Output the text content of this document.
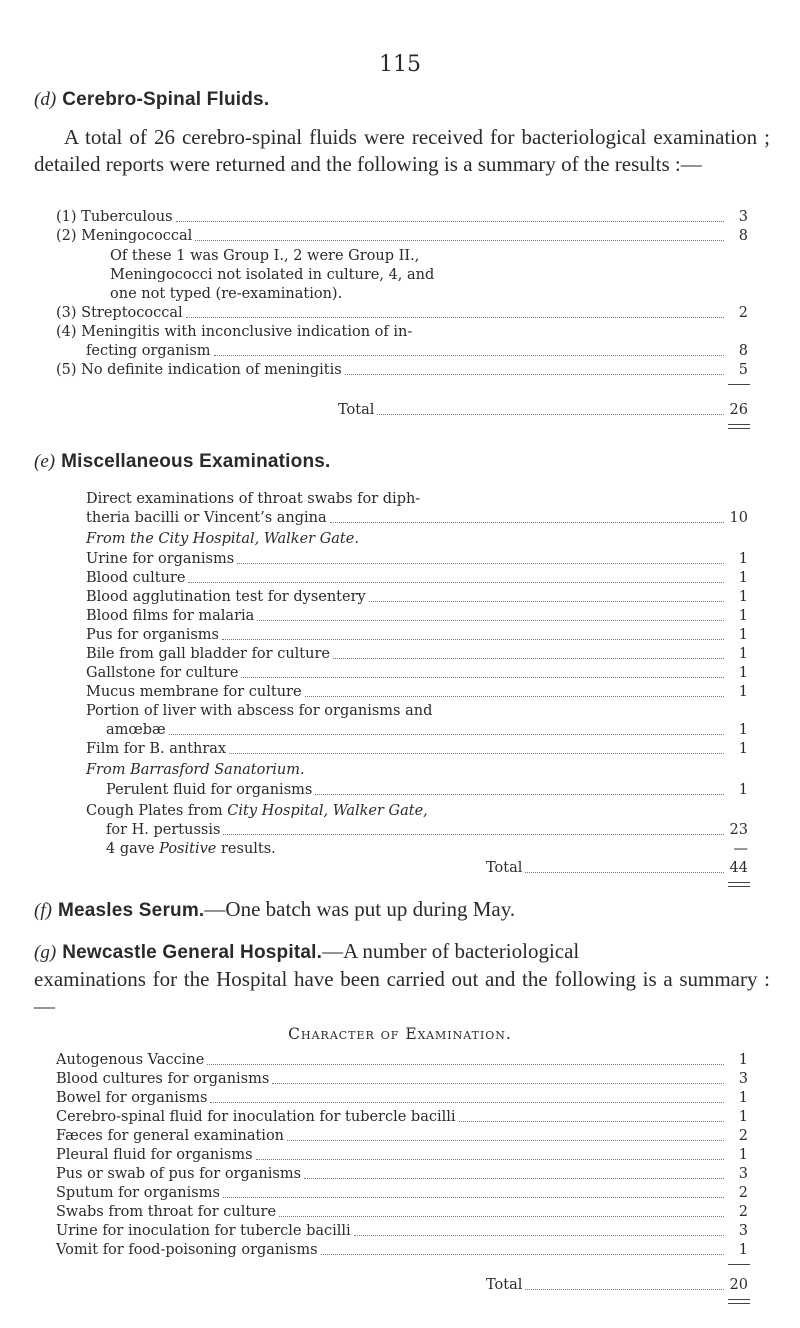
115
(d) Cerebro-Spinal Fluids.
A total of 26 cerebro-spinal fluids were received for bacteriological examination ; detailed reports were returned and the following is a summary of the results :—
(1) Tuberculous	3
(2) Meningococcal	8
Of these 1 was Group I., 2 were Group II.,
Meningococci not isolated in culture, 4, and
one not typed (re-examination).
(3) Streptococcal	2
(4) Meningitis with inconclusive indication of in-
fecting organism	8
(5) No definite indication of meningitis	5
Total	26
(e) Miscellaneous Examinations.
Direct examinations of throat swabs for diph-
theria bacilli or Vincent’s angina	10
From the City Hospital, Walker Gate.
Urine for organisms	1
Blood culture	1
Blood agglutination test for dysentery	1
Blood films for malaria	1
Pus for organisms	1
Bile from gall bladder for culture	1
Gallstone for culture	1
Mucus membrane for culture	1
Portion of liver with abscess for organisms and
amœbæ	1
Film for B. anthrax	1
From Barrasford Sanatorium.
Perulent fluid for organisms	1
Cough Plates from City Hospital, Walker Gate,
for H. pertussis	23
4 gave Positive results.	—
Total	44
(f) Measles Serum.—One batch was put up during May.
(g) Newcastle General Hospital.—A number of bacteriological
examinations for the Hospital have been carried out and the following is a summary :—
Character of Examination.
Autogenous Vaccine	1
Blood cultures for organisms	3
Bowel for organisms	1
Cerebro-spinal fluid for inoculation for tubercle bacilli	1
Fæces for general examination	2
Pleural fluid for organisms	1
Pus or swab of pus for organisms	3
Sputum for organisms	2
Swabs from throat for culture	2
Urine for inoculation for tubercle bacilli	3
Vomit for food-poisoning organisms	1
Total	20
